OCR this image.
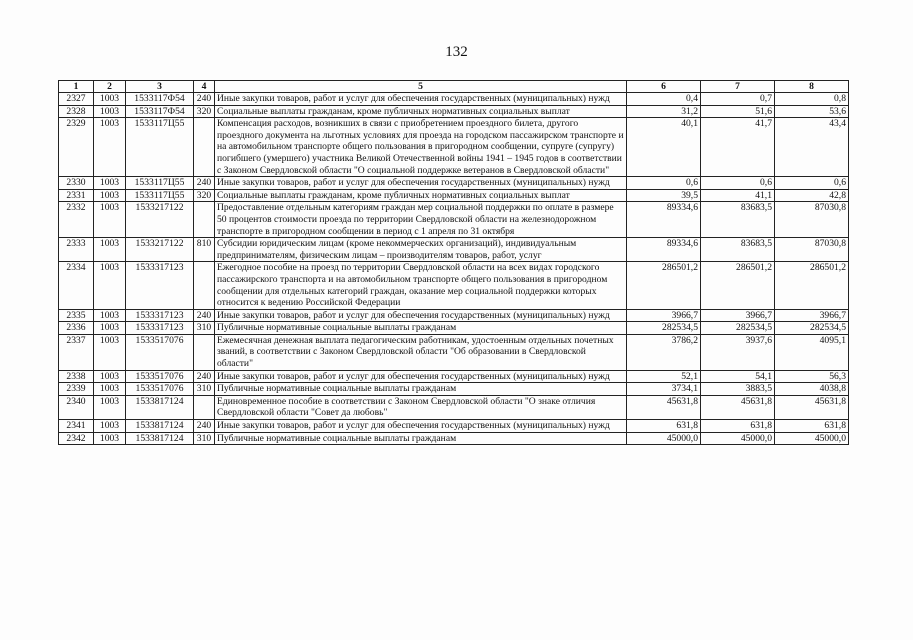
132
1	2	3	4	5	6	7	8
2327	1003	1533117Ф54	240	Иные закупки товаров, работ и услуг для обеспечения государственных (муниципальных) нужд	0,4	0,7	0,8
2328	1003	1533117Ф54	320	Социальные выплаты гражданам, кроме публичных нормативных социальных выплат	31,2	51,6	53,6
2329	1003	1533117Ц55		Компенсация расходов, возникших в связи с приобретением проездного билета, другого проездного документа на льготных условиях для проезда на городском пассажирском транспорте и на автомобильном транспорте общего пользования в пригородном сообщении, супруге (супругу) погибшего (умершего) участника Великой Отечественной войны 1941 – 1945 годов в соответствии с Законом Свердловской области "О социальной поддержке ветеранов в Свердловской области"	40,1	41,7	43,4
2330	1003	1533117Ц55	240	Иные закупки товаров, работ и услуг для обеспечения государственных (муниципальных) нужд	0,6	0,6	0,6
2331	1003	1533117Ц55	320	Социальные выплаты гражданам, кроме публичных нормативных социальных выплат	39,5	41,1	42,8
2332	1003	1533217122		Предоставление отдельным категориям граждан мер социальной поддержки по оплате в размере 50 процентов стоимости проезда по территории Свердловской области на железнодорожном транспорте в пригородном сообщении в период с 1 апреля по 31 октября	89334,6	83683,5	87030,8
2333	1003	1533217122	810	Субсидии юридическим лицам (кроме некоммерческих организаций), индивидуальным предпринимателям, физическим лицам – производителям товаров, работ, услуг	89334,6	83683,5	87030,8
2334	1003	1533317123		Ежегодное пособие на проезд по территории Свердловской области на всех видах городского пассажирского транспорта и на автомобильном транспорте общего пользования в пригородном сообщении для отдельных категорий граждан, оказание мер социальной поддержки которых относится к ведению Российской Федерации	286501,2	286501,2	286501,2
2335	1003	1533317123	240	Иные закупки товаров, работ и услуг для обеспечения государственных (муниципальных) нужд	3966,7	3966,7	3966,7
2336	1003	1533317123	310	Публичные нормативные социальные выплаты гражданам	282534,5	282534,5	282534,5
2337	1003	1533517076		Ежемесячная денежная выплата педагогическим работникам, удостоенным отдельных почетных званий, в соответствии с Законом Свердловской области "Об образовании в Свердловской области"	3786,2	3937,6	4095,1
2338	1003	1533517076	240	Иные закупки товаров, работ и услуг для обеспечения государственных (муниципальных) нужд	52,1	54,1	56,3
2339	1003	1533517076	310	Публичные нормативные социальные выплаты гражданам	3734,1	3883,5	4038,8
2340	1003	1533817124		Единовременное пособие в соответствии с Законом Свердловской области "О знаке отличия Свердловской области "Совет да любовь"	45631,8	45631,8	45631,8
2341	1003	1533817124	240	Иные закупки товаров, работ и услуг для обеспечения государственных (муниципальных) нужд	631,8	631,8	631,8
2342	1003	1533817124	310	Публичные нормативные социальные выплаты гражданам	45000,0	45000,0	45000,0
